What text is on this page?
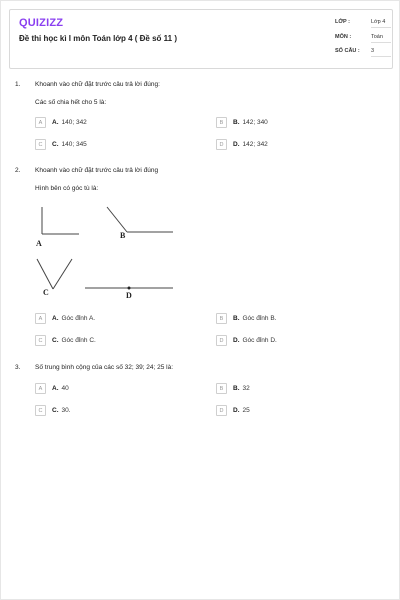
QUIZIZZ
Đề thi học kì I môn Toán lớp 4 ( Đề số 11 )
LỚP :	Lớp 4
MÔN :	Toán
SỐ CÂU :	3
1. Khoanh vào chữ đặt trước câu trả lời đúng:
Các số chia hết cho 5 là:
A	A. 140; 342	B	B. 142; 340
C	C. 140; 345	D	D. 142; 342
2. Khoanh vào chữ đặt trước câu trả lời đúng
Hình bên có góc tù là:
A
B
C	D
A	A. Góc đỉnh A.	B	B. Góc đỉnh B.
C	C. Góc đỉnh C.	D	D. Góc đỉnh D.
3. Số trung bình cộng của các số 32; 39; 24; 25 là:
A	A. 40	B	B. 32
C	C. 30.	D	D. 25
